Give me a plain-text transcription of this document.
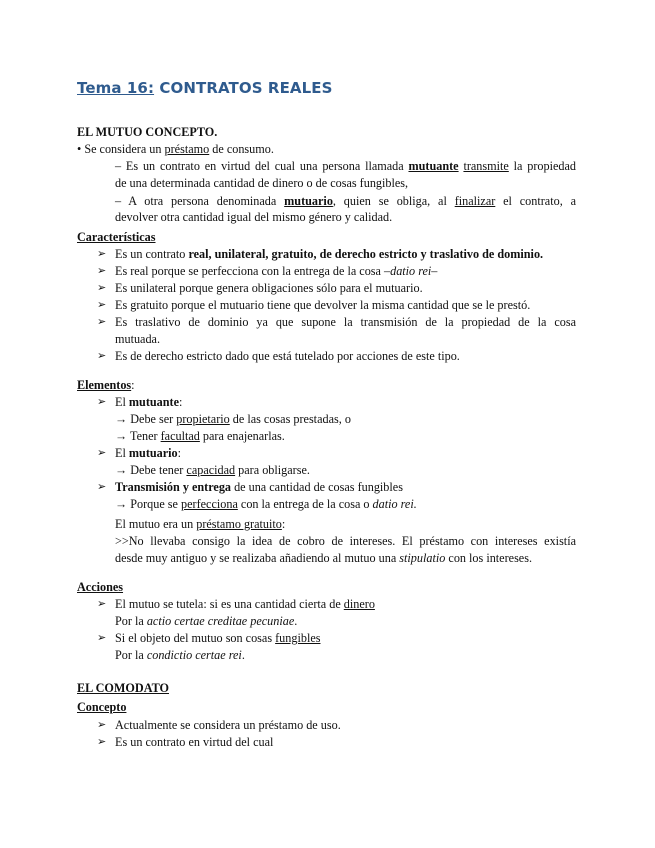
Tema 16: CONTRATOS REALES
EL MUTUO CONCEPTO.
• Se considera un préstamo de consumo.
– Es un contrato en virtud del cual una persona llamada mutuante transmite la propiedad
de una determinada cantidad de dinero o de cosas fungibles,
– A otra persona denominada mutuario, quien se obliga, al finalizar el contrato, a
devolver otra cantidad igual del mismo género y calidad.
Características
➢ Es un contrato real, unilateral, gratuito, de derecho estricto y traslativo de dominio.
➢ Es real porque se perfecciona con la entrega de la cosa –datio rei–
➢ Es unilateral porque genera obligaciones sólo para el mutuario.
➢ Es gratuito porque el mutuario tiene que devolver la misma cantidad que se le prestó.
➢ Es traslativo de dominio ya que supone la transmisión de la propiedad de la cosa
mutuada.
➢ Es de derecho estricto dado que está tutelado por acciones de este tipo.
Elementos:
➢ El mutuante:
→ Debe ser propietario de las cosas prestadas, o
→ Tener facultad para enajenarlas.
➢ El mutuario:
→ Debe tener capacidad para obligarse.
➢ Transmisión y entrega de una cantidad de cosas fungibles
→ Porque se perfecciona con la entrega de la cosa o datio rei.
El mutuo era un préstamo gratuito:
>>No llevaba consigo la idea de cobro de intereses. El préstamo con intereses existía
desde muy antiguo y se realizaba añadiendo al mutuo una stipulatio con los intereses.
Acciones
➢ El mutuo se tutela: si es una cantidad cierta de dinero
Por la actio certae creditae pecuniae.
➢ Si el objeto del mutuo son cosas fungibles
Por la condictio certae rei.
EL COMODATO
Concepto
➢ Actualmente se considera un préstamo de uso.
➢ Es un contrato en virtud del cual
